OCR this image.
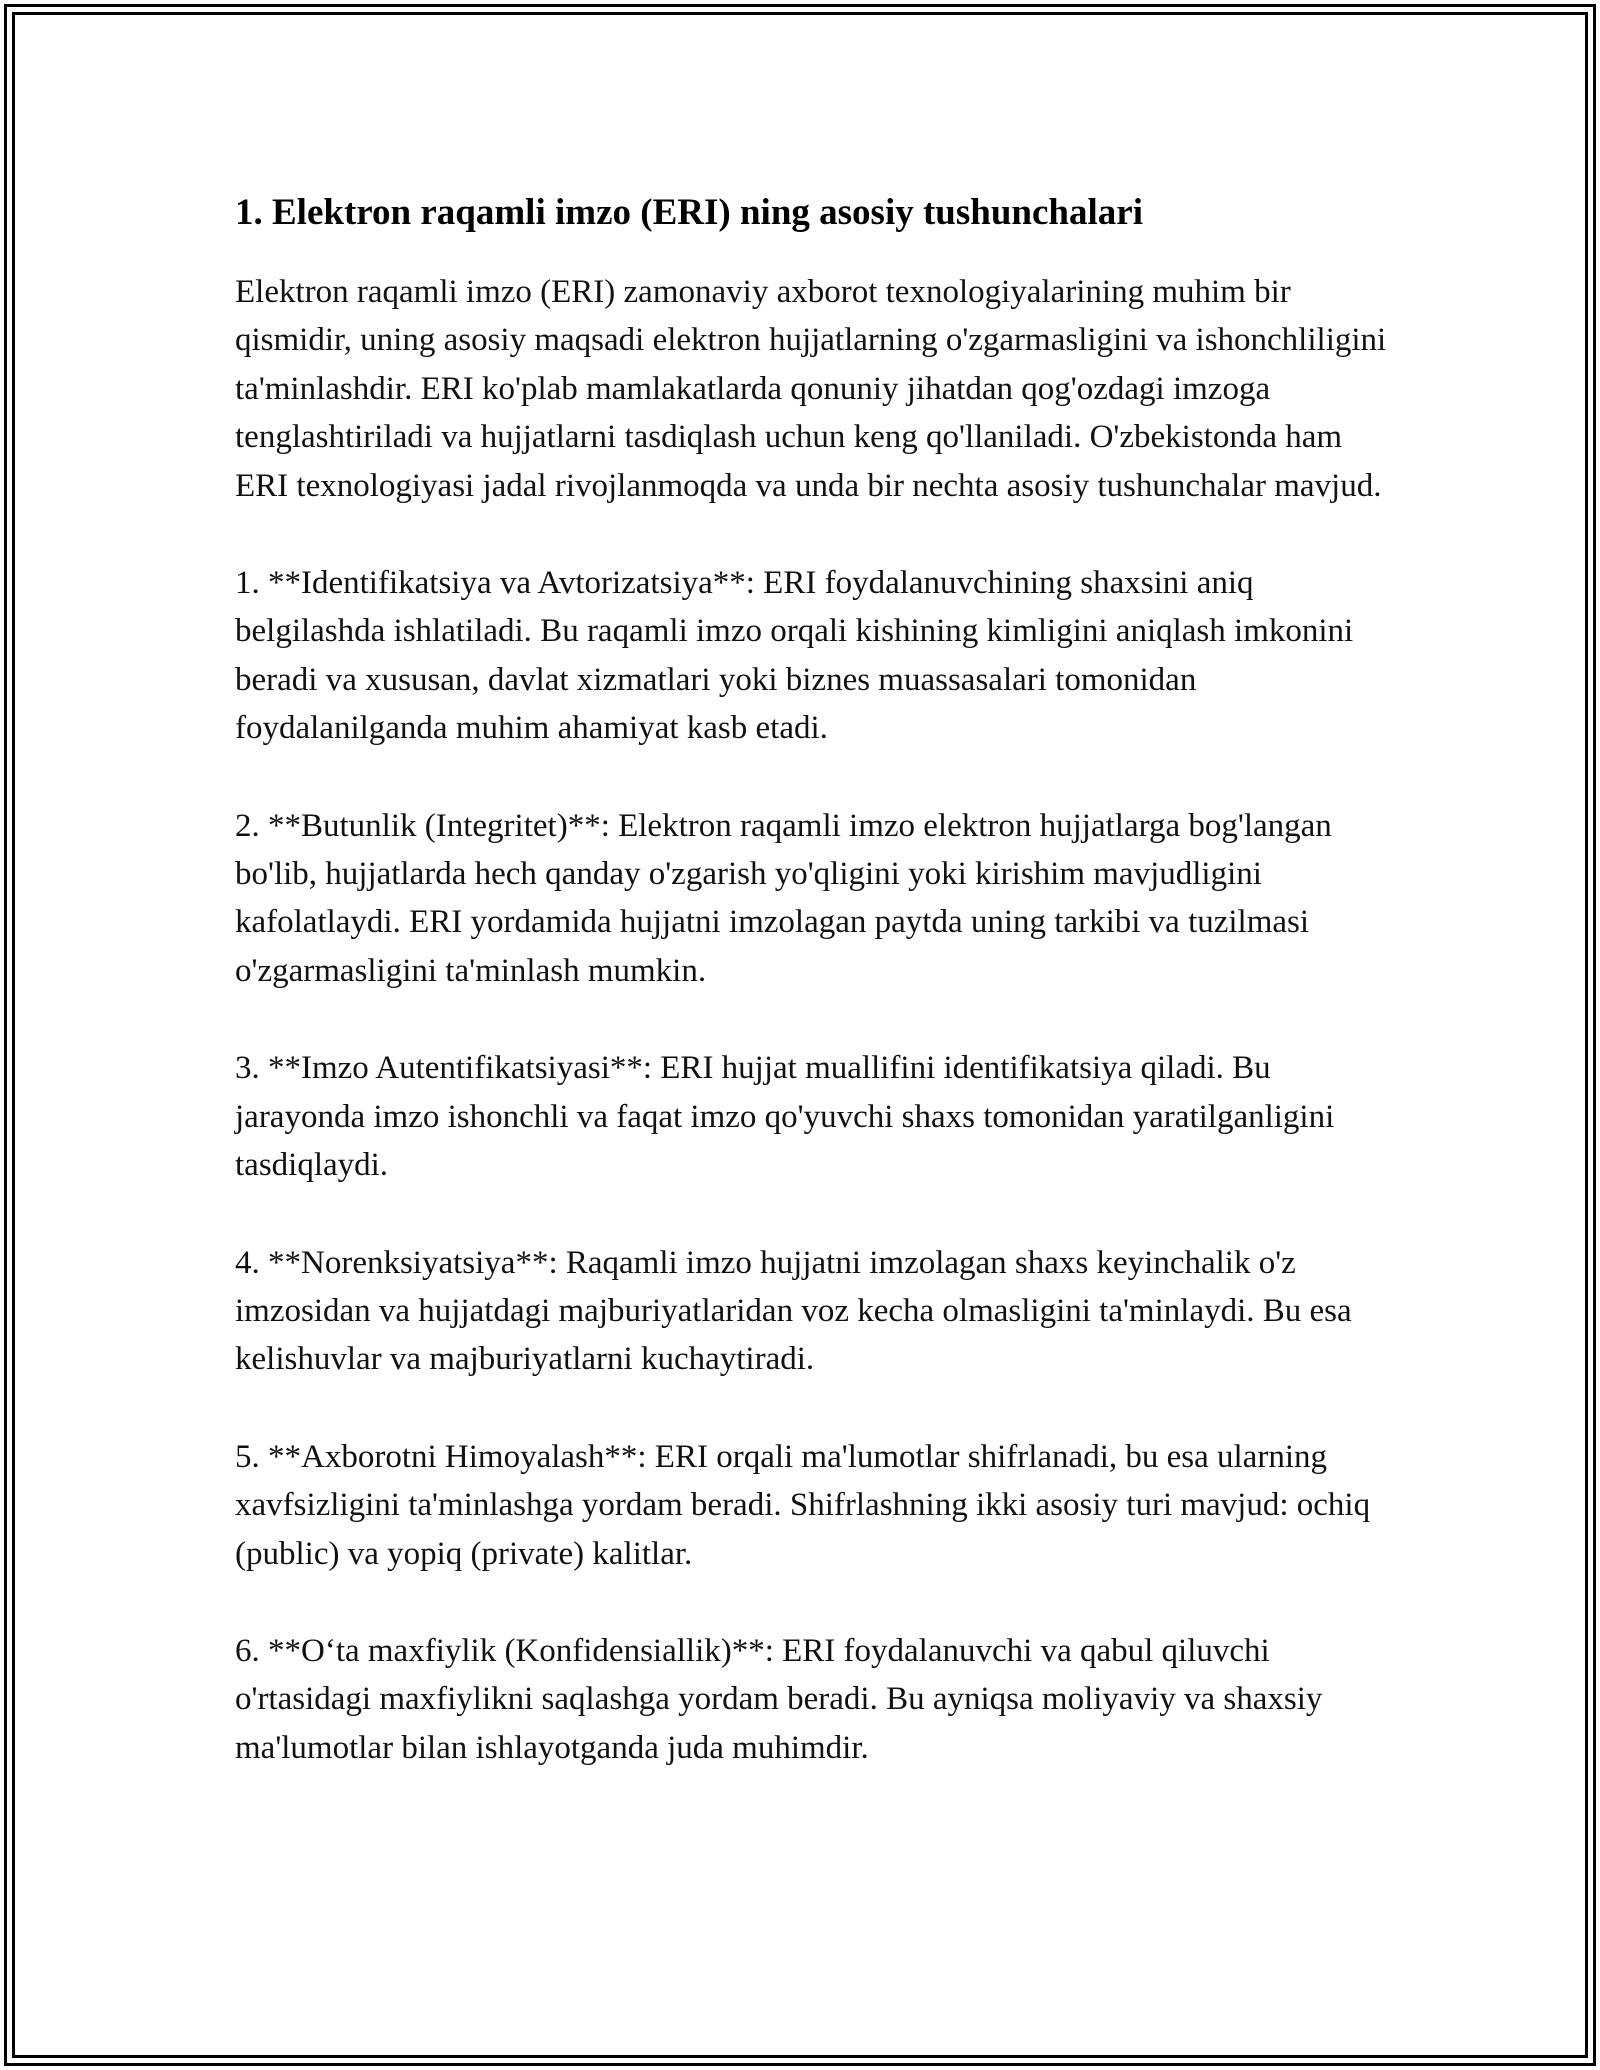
1. Elektron raqamli imzo (ERI) ning asosiy tushunchalari

Elektron raqamli imzo (ERI) zamonaviy axborot texnologiyalarining muhim bir qismidir, uning asosiy maqsadi elektron hujjatlarning o'zgarmasligini va ishonchliligini ta'minlashdir. ERI ko'plab mamlakatlarda qonuniy jihatdan qog'ozdagi imzoga tenglashtiriladi va hujjatlarni tasdiqlash uchun keng qo'llaniladi. O'zbekistonda ham ERI texnologiyasi jadal rivojlanmoqda va unda bir nechta asosiy tushunchalar mavjud.

1. **Identifikatsiya va Avtorizatsiya**: ERI foydalanuvchining shaxsini aniq belgilashda ishlatiladi. Bu raqamli imzo orqali kishining kimligini aniqlash imkonini beradi va xususan, davlat xizmatlari yoki biznes muassasalari tomonidan foydalanilganda muhim ahamiyat kasb etadi.

2. **Butunlik (Integritet)**: Elektron raqamli imzo elektron hujjatlarga bog'langan bo'lib, hujjatlarda hech qanday o'zgarish yo'qligini yoki kirishim mavjudligini kafolatlaydi. ERI yordamida hujjatni imzolagan paytda uning tarkibi va tuzilmasi o'zgarmasligini ta'minlash mumkin.

3. **Imzo Autentifikatsiyasi**: ERI hujjat muallifini identifikatsiya qiladi. Bu jarayonda imzo ishonchli va faqat imzo qo'yuvchi shaxs tomonidan yaratilganligini tasdiqlaydi.

4. **Norenksiyatsiya**: Raqamli imzo hujjatni imzolagan shaxs keyinchalik o'z imzosidan va hujjatdagi majburiyatlaridan voz kecha olmasligini ta'minlaydi. Bu esa kelishuvlar va majburiyatlarni kuchaytiradi.

5. **Axborotni Himoyalash**: ERI orqali ma'lumotlar shifrlanadi, bu esa ularning xavfsizligini ta'minlashga yordam beradi. Shifrlashning ikki asosiy turi mavjud: ochiq (public) va yopiq (private) kalitlar.

6. **O‘ta maxfiylik (Konfidensiallik)**: ERI foydalanuvchi va qabul qiluvchi o'rtasidagi maxfiylikni saqlashga yordam beradi. Bu ayniqsa moliyaviy va shaxsiy ma'lumotlar bilan ishlayotganda juda muhimdir.
